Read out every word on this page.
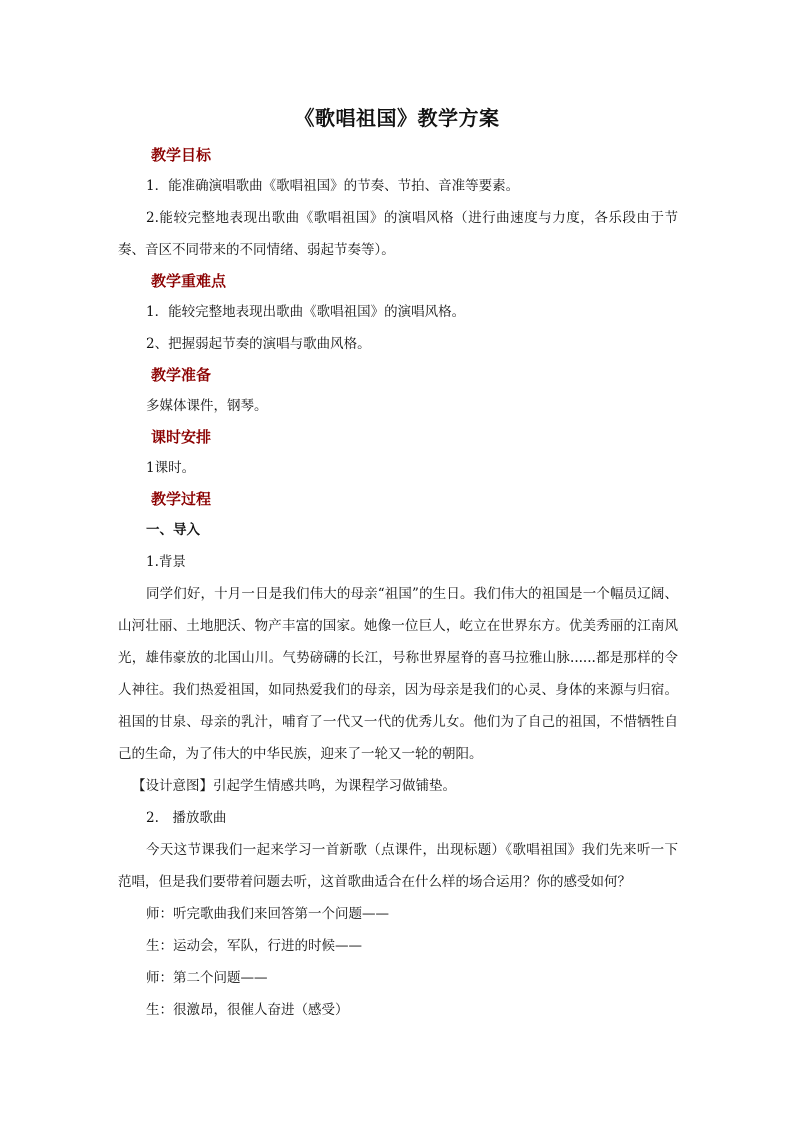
《歌唱祖国》教学方案
教学目标

1．能准确演唱歌曲《歌唱祖国》的节奏、节拍、音准等要素。

2.能较完整地表现出歌曲《歌唱祖国》的演唱风格（进行曲速度与力度，各乐段由于节奏、音区不同带来的不同情绪、弱起节奏等）。

教学重难点

1．能较完整地表现出歌曲《歌唱祖国》的演唱风格。

2、把握弱起节奏的演唱与歌曲风格。

教学准备

多媒体课件，钢琴。

课时安排

1课时。

教学过程

一、导入

1.背景

同学们好，十月一日是我们伟大的母亲“祖国”的生日。我们伟大的祖国是一个幅员辽阔、山河壮丽、土地肥沃、物产丰富的国家。她像一位巨人，屹立在世界东方。优美秀丽的江南风光，雄伟豪放的北国山川。气势磅礴的长江，号称世界屋脊的喜马拉雅山脉......都是那样的令人神往。我们热爱祖国，如同热爱我们的母亲，因为母亲是我们的心灵、身体的来源与归宿。祖国的甘泉、母亲的乳汁，哺育了一代又一代的优秀儿女。他们为了自己的祖国，不惜牺牲自己的生命，为了伟大的中华民族，迎来了一轮又一轮的朝阳。

【设计意图】引起学生情感共鸣，为课程学习做铺垫。

2.　播放歌曲

今天这节课我们一起来学习一首新歌（点课件，出现标题）《歌唱祖国》我们先来听一下范唱，但是我们要带着问题去听，这首歌曲适合在什么样的场合运用？你的感受如何？

师：听完歌曲我们来回答第一个问题——

生：运动会，军队，行进的时候——

师：第二个问题——

生：很激昂，很催人奋进（感受）
